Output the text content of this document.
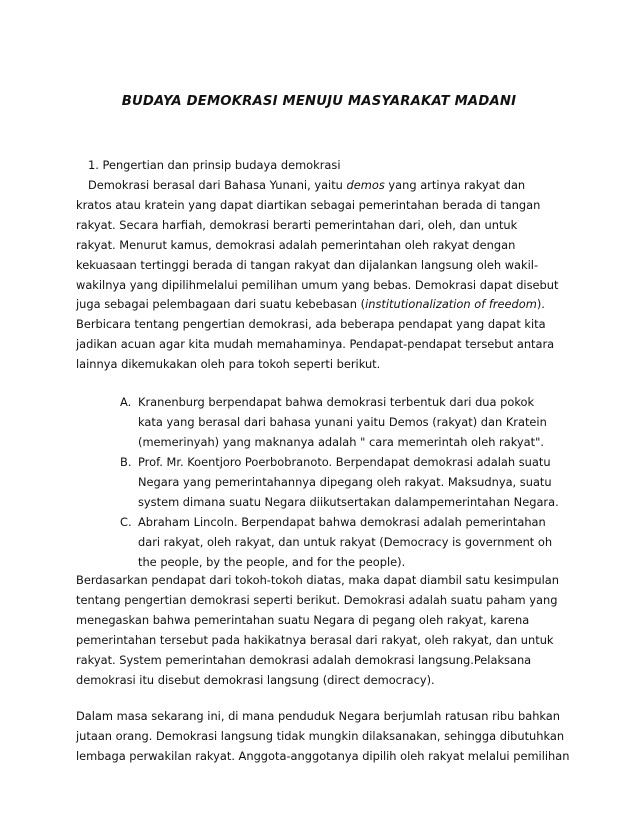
BUDAYA DEMOKRASI MENUJU MASYARAKAT MADANI
1. Pengertian dan prinsip budaya demokrasi
Demokrasi berasal dari Bahasa Yunani, yaitu demos yang artinya rakyat dan
kratos atau kratein yang dapat diartikan sebagai pemerintahan berada di tangan
rakyat. Secara harfiah, demokrasi berarti pemerintahan dari, oleh, dan untuk
rakyat. Menurut kamus, demokrasi adalah pemerintahan oleh rakyat dengan
kekuasaan tertinggi berada di tangan rakyat dan dijalankan langsung oleh wakil-
wakilnya yang dipilihmelalui pemilihan umum yang bebas. Demokrasi dapat disebut
juga sebagai pelembagaan dari suatu kebebasan (institutionalization of freedom).
Berbicara tentang pengertian demokrasi, ada beberapa pendapat yang dapat kita
jadikan acuan agar kita mudah memahaminya. Pendapat-pendapat tersebut antara
lainnya dikemukakan oleh para tokoh seperti berikut.
A. Kranenburg berpendapat bahwa demokrasi terbentuk dari dua pokok
kata yang berasal dari bahasa yunani yaitu Demos (rakyat) dan Kratein
(memerinyah) yang maknanya adalah " cara memerintah oleh rakyat".
B. Prof. Mr. Koentjoro Poerbobranoto. Berpendapat demokrasi adalah suatu
Negara yang pemerintahannya dipegang oleh rakyat. Maksudnya, suatu
system dimana suatu Negara diikutsertakan dalampemerintahan Negara.
C. Abraham Lincoln. Berpendapat bahwa demokrasi adalah pemerintahan
dari rakyat, oleh rakyat, dan untuk rakyat (Democracy is government oh
the people, by the people, and for the people).
Berdasarkan pendapat dari tokoh-tokoh diatas, maka dapat diambil satu kesimpulan
tentang pengertian demokrasi seperti berikut. Demokrasi adalah suatu paham yang
menegaskan bahwa pemerintahan suatu Negara di pegang oleh rakyat, karena
pemerintahan tersebut pada hakikatnya berasal dari rakyat, oleh rakyat, dan untuk
rakyat. System pemerintahan demokrasi adalah demokrasi langsung.Pelaksana
demokrasi itu disebut demokrasi langsung (direct democracy).
Dalam masa sekarang ini, di mana penduduk Negara berjumlah ratusan ribu bahkan
jutaan orang. Demokrasi langsung tidak mungkin dilaksanakan, sehingga dibutuhkan
lembaga perwakilan rakyat. Anggota-anggotanya dipilih oleh rakyat melalui pemilihan
